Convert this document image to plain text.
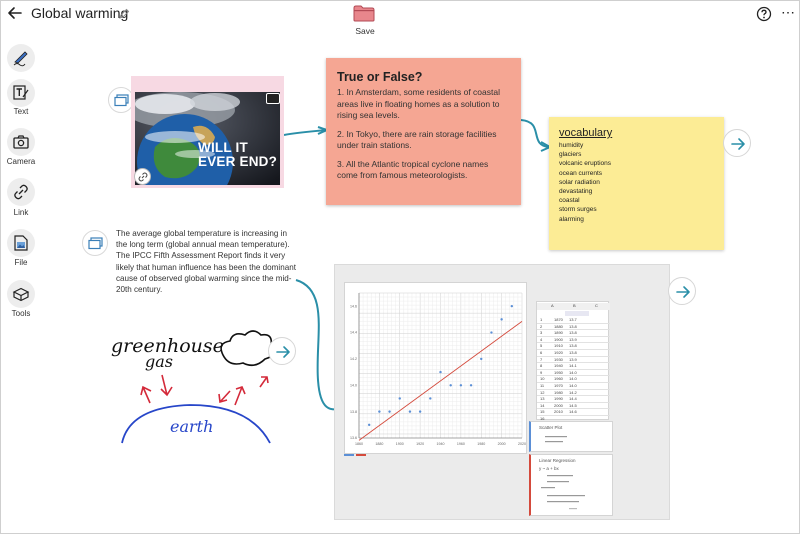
Global warming
Save
⋯
Text
Camera
Link
File
Tools
WILL IT
EVER END?
True or False?
1. In Amsterdam, some residents of coastal areas live in floating homes as a solution to rising sea levels.
2. In Tokyo, there are rain storage facilities under train stations.
3. All the Atlantic tropical cyclone names come from famous meteorologists.
vocabulary
humidity
glaciers
volcanic eruptions
ocean currents
solar radiation
devastating
coastal
storm surges
alarming
The average global temperature is increasing in the long term (global annual mean temperature). The IPCC Fifth Assessment Report finds it very likely that human influence has been the dominant cause of observed global warming since the mid-20th century.
greenhouse
gas
earth
1860	1880	1900	1920	1940	1960	1980	2000	2020
13.6
13.8
14.0
14.2
14.4
14.6	A	B	C
1	1870 13.7
2	1880 13.8
3	1890 13.8
4	1900 13.9
5	1910 13.8
6	1920 13.8
7	1930 13.9
8	1940 14.1
9	1950 14.0
10 1960 14.0
11 1970 14.0
12 1980 14.2
13 1990 14.4
14 2000 14.5
15 2010 14.6
16
Scatter Plot
Linear Regression
y ~ a + bx
